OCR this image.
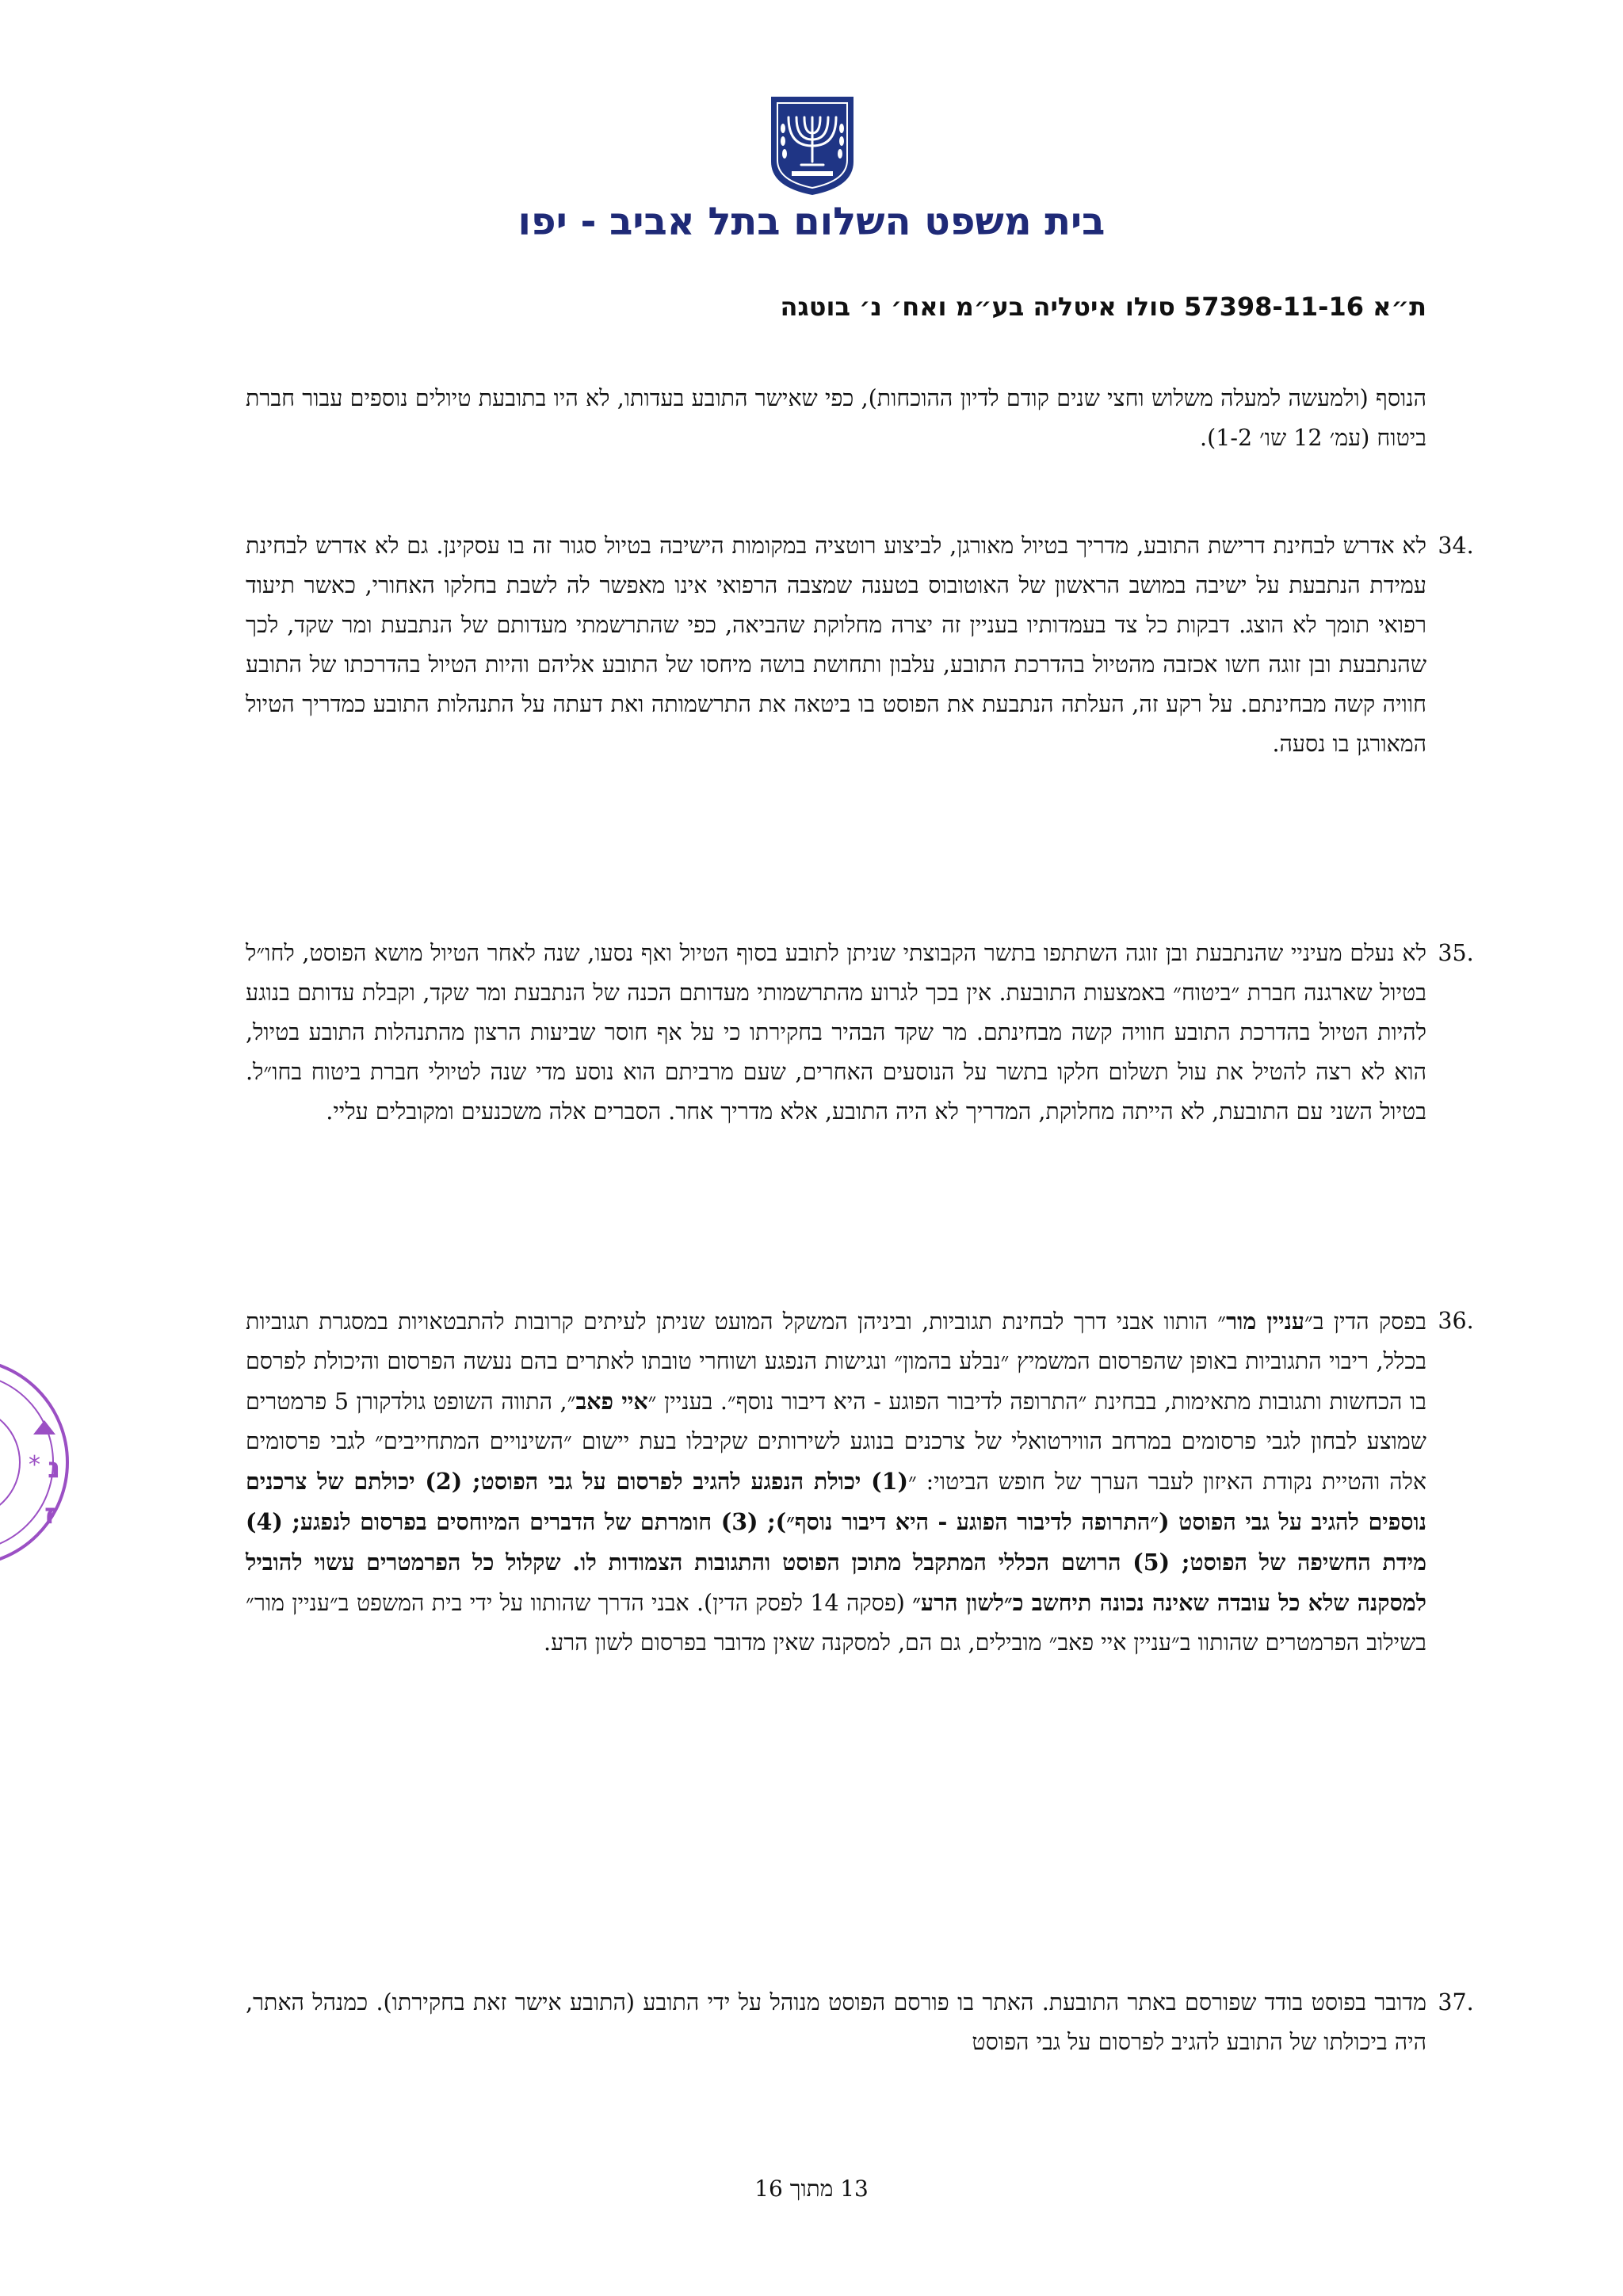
בית משפט השלום בתל אביב - יפו
ת״א 57398-11-16 סולו איטליה בע״מ ואח׳ נ׳ בוטגה
הנוסף (ולמעשה למעלה משלוש וחצי שנים קודם לדיון ההוכחות), כפי שאישר התובע בעדותו, לא היו בתובעת טיולים נוספים עבור חברת ביטוח (עמ׳ 12 שו׳ 1-2).
34.
לא אדרש לבחינת דרישת התובע, מדריך בטיול מאורגן, לביצוע רוטציה במקומות הישיבה בטיול סגור זה בו עסקינן. גם לא אדרש לבחינת עמידת הנתבעת על ישיבה במושב הראשון של האוטובוס בטענה שמצבה הרפואי אינו מאפשר לה לשבת בחלקו האחורי, כאשר תיעוד רפואי תומך לא הוצג. דבקות כל צד בעמדותיו בעניין זה יצרה מחלוקת שהביאה, כפי שהתרשמתי מעדותם של הנתבעת ומר שקד, לכך שהנתבעת ובן זוגה חשו אכזבה מהטיול בהדרכת התובע, עלבון ותחושת בושה מיחסו של התובע אליהם והיות הטיול בהדרכתו של התובע חוויה קשה מבחינתם. על רקע זה, העלתה הנתבעת את הפוסט בו ביטאה את התרשמותה ואת דעתה על התנהלות התובע כמדריך הטיול המאורגן בו נסעה.
35.
לא נעלם מעיניי שהנתבעת ובן זוגה השתתפו בתשר הקבוצתי שניתן לתובע בסוף הטיול ואף נסעו, שנה לאחר הטיול מושא הפוסט, לחו״ל בטיול שארגנה חברת ״ביטוח״ באמצעות התובעת. אין בכך לגרוע מהתרשמותי מעדותם הכנה של הנתבעת ומר שקד, וקבלת עדותם בנוגע להיות הטיול בהדרכת התובע חוויה קשה מבחינתם. מר שקד הבהיר בחקירתו כי על אף חוסר שביעות הרצון מהתנהלות התובע בטיול, הוא לא רצה להטיל את עול תשלום חלקו בתשר על הנוסעים האחרים, שעם מרביתם הוא נוסע מדי שנה לטיולי חברת ביטוח בחו״ל. בטיול השני עם התובעת, לא הייתה מחלוקת, המדריך לא היה התובע, אלא מדריך אחר. הסברים אלה משכנעים ומקובלים עליי.
36.
בפסק הדין ב״עניין מור״ הותוו אבני דרך לבחינת תגוביות, וביניהן המשקל המועט שניתן לעיתים קרובות להתבטאויות במסגרת תגוביות בכלל, ריבוי התגוביות באופן שהפרסום המשמיץ ״נבלע בהמון״ ונגישות הנפגע ושוחרי טובתו לאתרים בהם נעשה הפרסום והיכולת לפרסם בו הכחשות ותגובות מתאימות, בבחינת ״התרופה לדיבור הפוגע - היא דיבור נוסף״. בעניין ״איי פאב״, התווה השופט גולדקורן 5 פרמטרים שמוצע לבחון לגבי פרסומים במרחב הווירטואלי של צרכנים בנוגע לשירותים שקיבלו בעת יישום ״השינויים המתחייבים״ לגבי פרסומים אלה והטיית נקודת האיזון לעבר הערך של חופש הביטוי: ״(1) יכולת הנפגע להגיב לפרסום על גבי הפוסט; (2) יכולתם של צרכנים נוספים להגיב על גבי הפוסט (״התרופה לדיבור הפוגע - היא דיבור נוסף״); (3) חומרתם של הדברים המיוחסים בפרסום לנפגע; (4) מידת החשיפה של הפוסט; (5) הרושם הכללי המתקבל מתוכן הפוסט והתגובות הצמודות לו. שקלול כל הפרמטרים עשוי להוביל למסקנה שלא כל עובדה שאינה נכונה תיחשב כ״לשון הרע״ (פסקה 14 לפסק הדין). אבני הדרך שהותוו על ידי בית המשפט ב״עניין מור״ בשילוב הפרמטרים שהותוו ב״עניין איי פאב״ מובילים, גם הם, למסקנה שאין מדובר בפרסום לשון הרע.
37.
מדובר בפוסט בודד שפורסם באתר התובעת. האתר בו פורסם הפוסט מנוהל על ידי התובע (התובע אישר זאת בחקירתו). כמנהל האתר, היה ביכולתו של התובע להגיב לפרסום על גבי הפוסט
* נ
ז
13 מתוך 16
